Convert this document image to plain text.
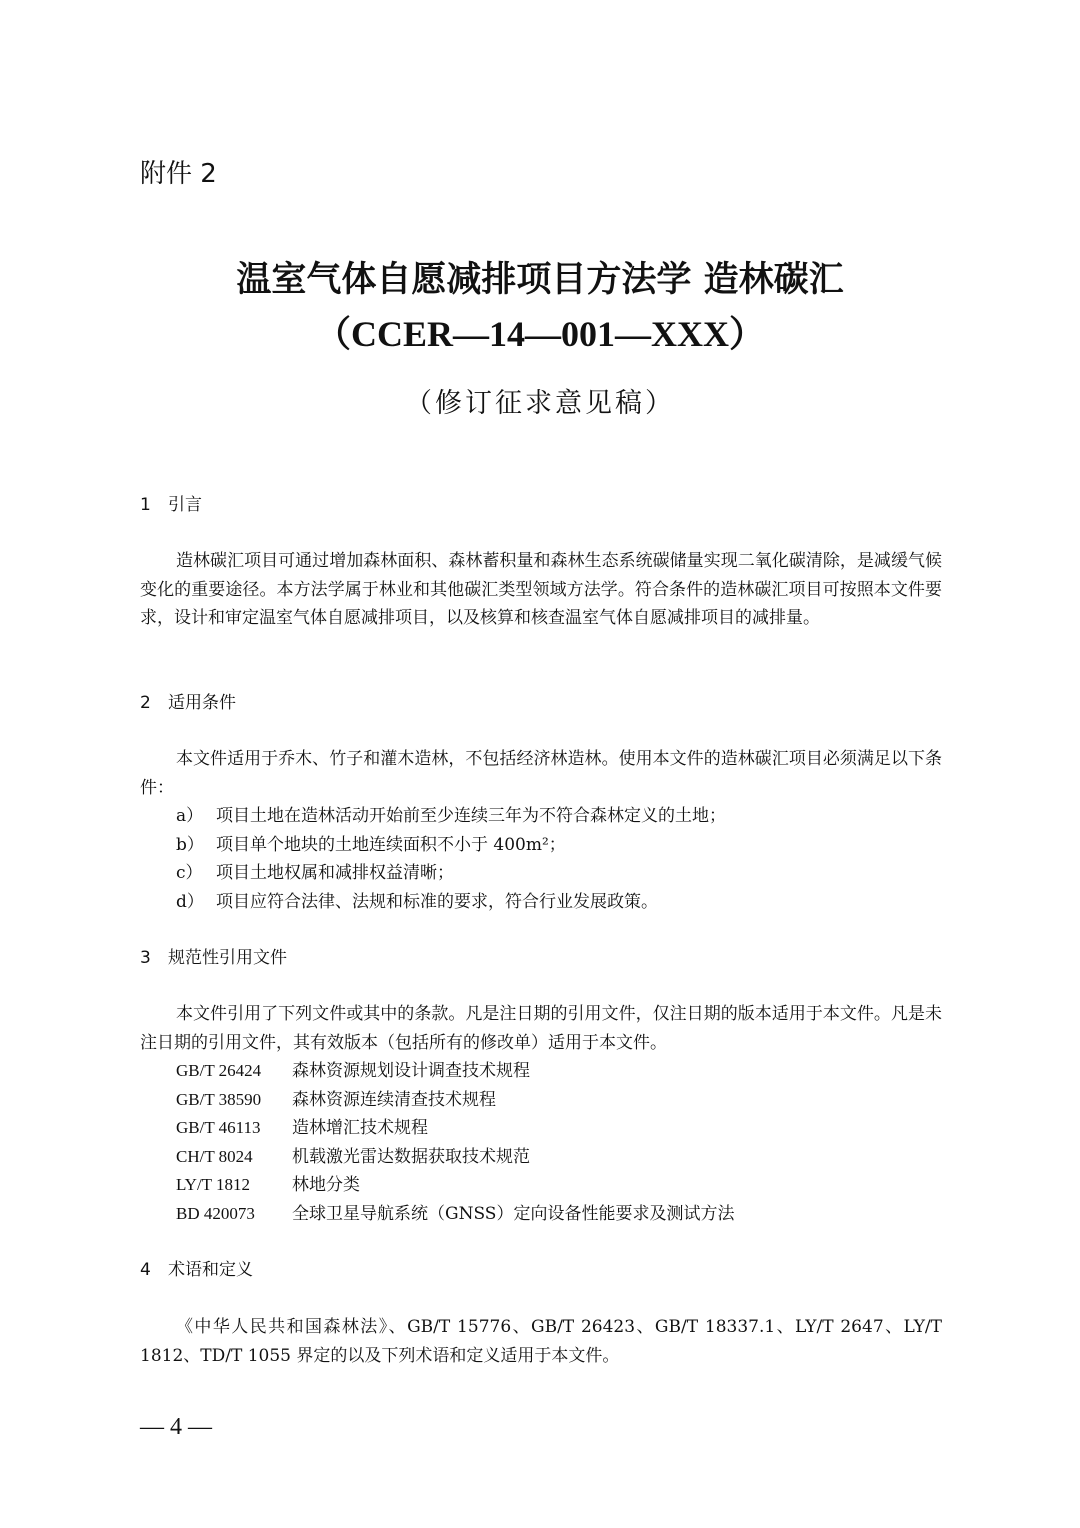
附件 2
温室气体自愿减排项目方法学 造林碳汇
（CCER—14—001—XXX）
（修订征求意见稿）
1 引言
造林碳汇项目可通过增加森林面积、森林蓄积量和森林生态系统碳储量实现二氧化碳清除，是减缓气候变化的重要途径。本方法学属于林业和其他碳汇类型领域方法学。符合条件的造林碳汇项目可按照本文件要求，设计和审定温室气体自愿减排项目，以及核算和核查温室气体自愿减排项目的减排量。
2 适用条件
本文件适用于乔木、竹子和灌木造林，不包括经济林造林。使用本文件的造林碳汇项目必须满足以下条件：
a） 项目土地在造林活动开始前至少连续三年为不符合森林定义的土地；
b） 项目单个地块的土地连续面积不小于 400m²；
c） 项目土地权属和减排权益清晰；
d） 项目应符合法律、法规和标准的要求，符合行业发展政策。
3 规范性引用文件
本文件引用了下列文件或其中的条款。凡是注日期的引用文件，仅注日期的版本适用于本文件。凡是未注日期的引用文件，其有效版本（包括所有的修改单）适用于本文件。
GB/T 26424 森林资源规划设计调查技术规程
GB/T 38590 森林资源连续清查技术规程
GB/T 46113 造林增汇技术规程
CH/T 8024 机载激光雷达数据获取技术规范
LY/T 1812 林地分类
BD 420073 全球卫星导航系统（GNSS）定向设备性能要求及测试方法
4 术语和定义
《中华人民共和国森林法》、GB/T 15776、GB/T 26423、GB/T 18337.1、LY/T 2647、LY/T 1812、TD/T 1055 界定的以及下列术语和定义适用于本文件。
— 4 —
